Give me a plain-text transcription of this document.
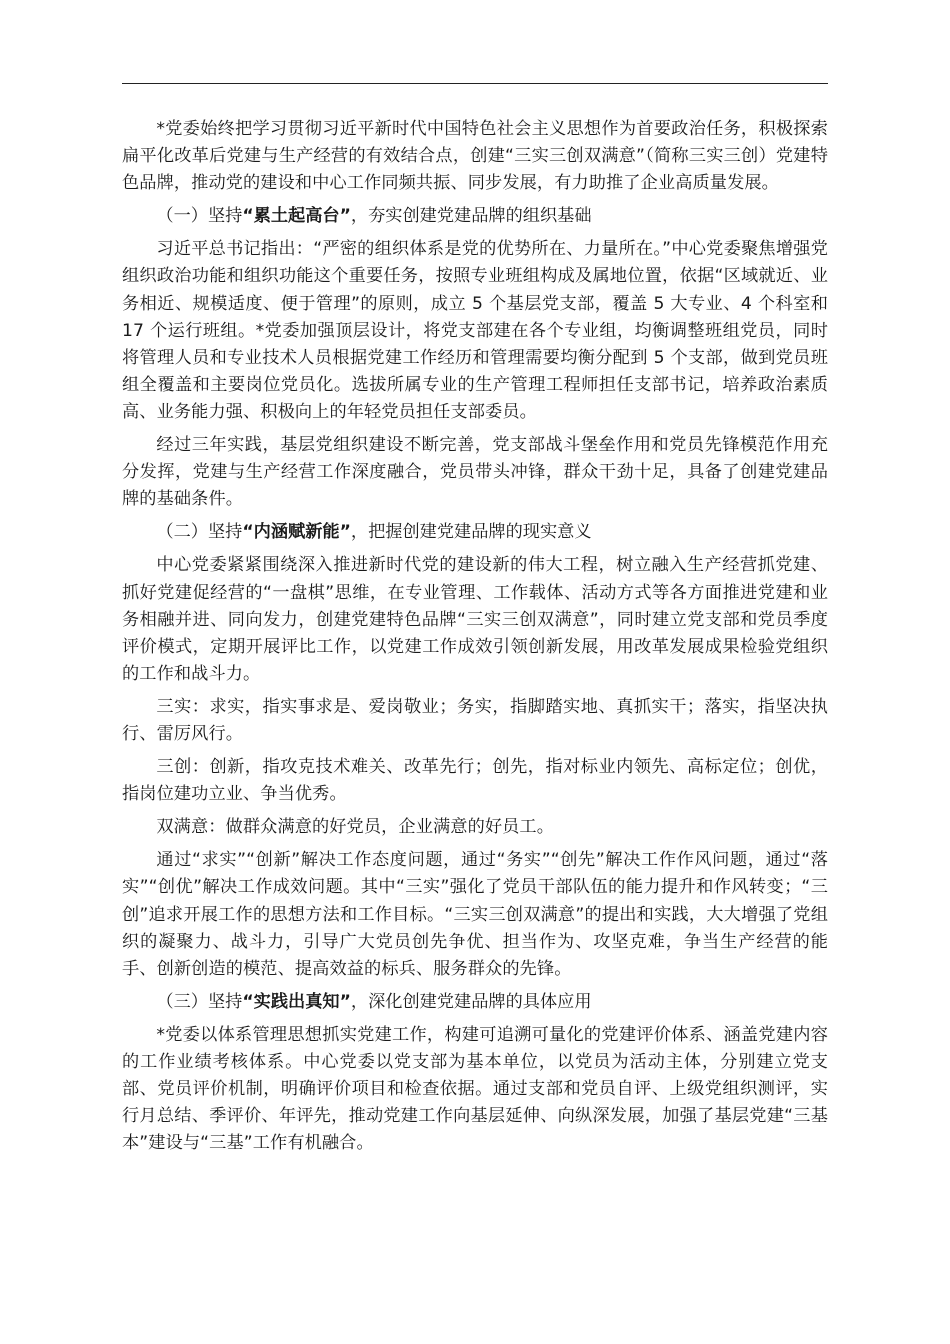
*党委始终把学习贯彻习近平新时代中国特色社会主义思想作为首要政治任务，积极探索扁平化改革后党建与生产经营的有效结合点，创建“三实三创双满意”（简称三实三创）党建特色品牌，推动党的建设和中心工作同频共振、同步发展，有力助推了企业高质量发展。

（一）坚持“累土起高台”，夯实创建党建品牌的组织基础

习近平总书记指出：“严密的组织体系是党的优势所在、力量所在。”中心党委聚焦增强党组织政治功能和组织功能这个重要任务，按照专业班组构成及属地位置，依据“区域就近、业务相近、规模适度、便于管理”的原则，成立 5 个基层党支部，覆盖 5 大专业、4 个科室和 17 个运行班组。*党委加强顶层设计，将党支部建在各个专业组，均衡调整班组党员，同时将管理人员和专业技术人员根据党建工作经历和管理需要均衡分配到 5 个支部，做到党员班组全覆盖和主要岗位党员化。选拔所属专业的生产管理工程师担任支部书记，培养政治素质高、业务能力强、积极向上的年轻党员担任支部委员。

经过三年实践，基层党组织建设不断完善，党支部战斗堡垒作用和党员先锋模范作用充分发挥，党建与生产经营工作深度融合，党员带头冲锋，群众干劲十足，具备了创建党建品牌的基础条件。

（二）坚持“内涵赋新能”，把握创建党建品牌的现实意义

中心党委紧紧围绕深入推进新时代党的建设新的伟大工程，树立融入生产经营抓党建、抓好党建促经营的“一盘棋”思维，在专业管理、工作载体、活动方式等各方面推进党建和业务相融并进、同向发力，创建党建特色品牌“三实三创双满意”，同时建立党支部和党员季度评价模式，定期开展评比工作，以党建工作成效引领创新发展，用改革发展成果检验党组织的工作和战斗力。

三实：求实，指实事求是、爱岗敬业；务实，指脚踏实地、真抓实干；落实，指坚决执行、雷厉风行。

三创：创新，指攻克技术难关、改革先行；创先，指对标业内领先、高标定位；创优，指岗位建功立业、争当优秀。

双满意：做群众满意的好党员，企业满意的好员工。

通过“求实”“创新”解决工作态度问题，通过“务实”“创先”解决工作作风问题，通过“落实”“创优”解决工作成效问题。其中“三实”强化了党员干部队伍的能力提升和作风转变；“三创”追求开展工作的思想方法和工作目标。“三实三创双满意”的提出和实践，大大增强了党组织的凝聚力、战斗力，引导广大党员创先争优、担当作为、攻坚克难，争当生产经营的能手、创新创造的模范、提高效益的标兵、服务群众的先锋。

（三）坚持“实践出真知”，深化创建党建品牌的具体应用

*党委以体系管理思想抓实党建工作，构建可追溯可量化的党建评价体系、涵盖党建内容的工作业绩考核体系。中心党委以党支部为基本单位，以党员为活动主体，分别建立党支部、党员评价机制，明确评价项目和检查依据。通过支部和党员自评、上级党组织测评，实行月总结、季评价、年评先，推动党建工作向基层延伸、向纵深发展，加强了基层党建“三基本”建设与“三基”工作有机融合。
